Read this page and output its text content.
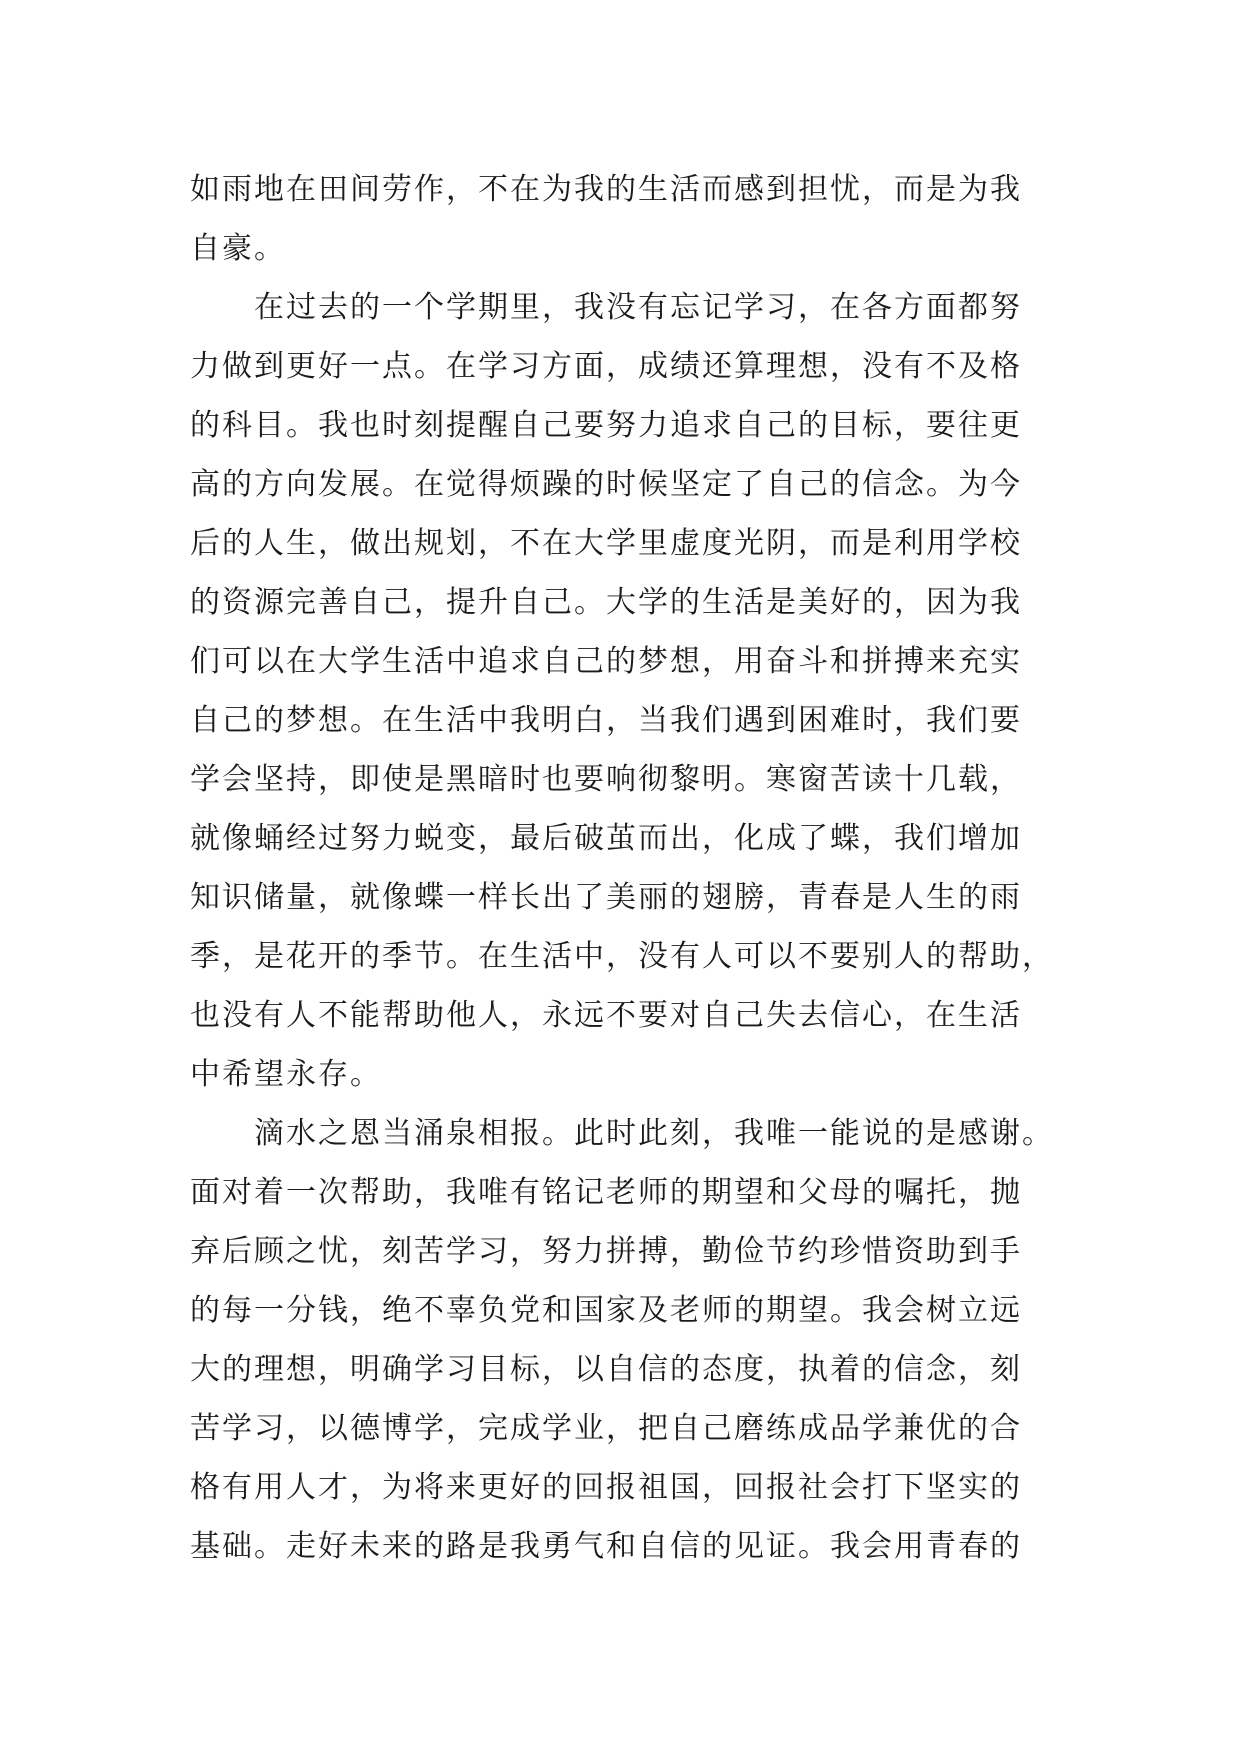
如雨地在田间劳作，不在为我的生活而感到担忧，而是为我
自豪。
　　在过去的一个学期里，我没有忘记学习，在各方面都努
力做到更好一点。在学习方面，成绩还算理想，没有不及格
的科目。我也时刻提醒自己要努力追求自己的目标，要往更
高的方向发展。在觉得烦躁的时候坚定了自己的信念。为今
后的人生，做出规划，不在大学里虚度光阴，而是利用学校
的资源完善自己，提升自己。大学的生活是美好的，因为我
们可以在大学生活中追求自己的梦想，用奋斗和拼搏来充实
自己的梦想。在生活中我明白，当我们遇到困难时，我们要
学会坚持，即使是黑暗时也要响彻黎明。寒窗苦读十几载，
就像蛹经过努力蜕变，最后破茧而出，化成了蝶，我们增加
知识储量，就像蝶一样长出了美丽的翅膀，青春是人生的雨
季，是花开的季节。在生活中，没有人可以不要别人的帮助，
也没有人不能帮助他人，永远不要对自己失去信心，在生活
中希望永存。
　　滴水之恩当涌泉相报。此时此刻，我唯一能说的是感谢。
面对着一次帮助，我唯有铭记老师的期望和父母的嘱托，抛
弃后顾之忧，刻苦学习，努力拼搏，勤俭节约珍惜资助到手
的每一分钱，绝不辜负党和国家及老师的期望。我会树立远
大的理想，明确学习目标，以自信的态度，执着的信念，刻
苦学习，以德博学，完成学业，把自己磨练成品学兼优的合
格有用人才，为将来更好的回报祖国，回报社会打下坚实的
基础。走好未来的路是我勇气和自信的见证。我会用青春的
